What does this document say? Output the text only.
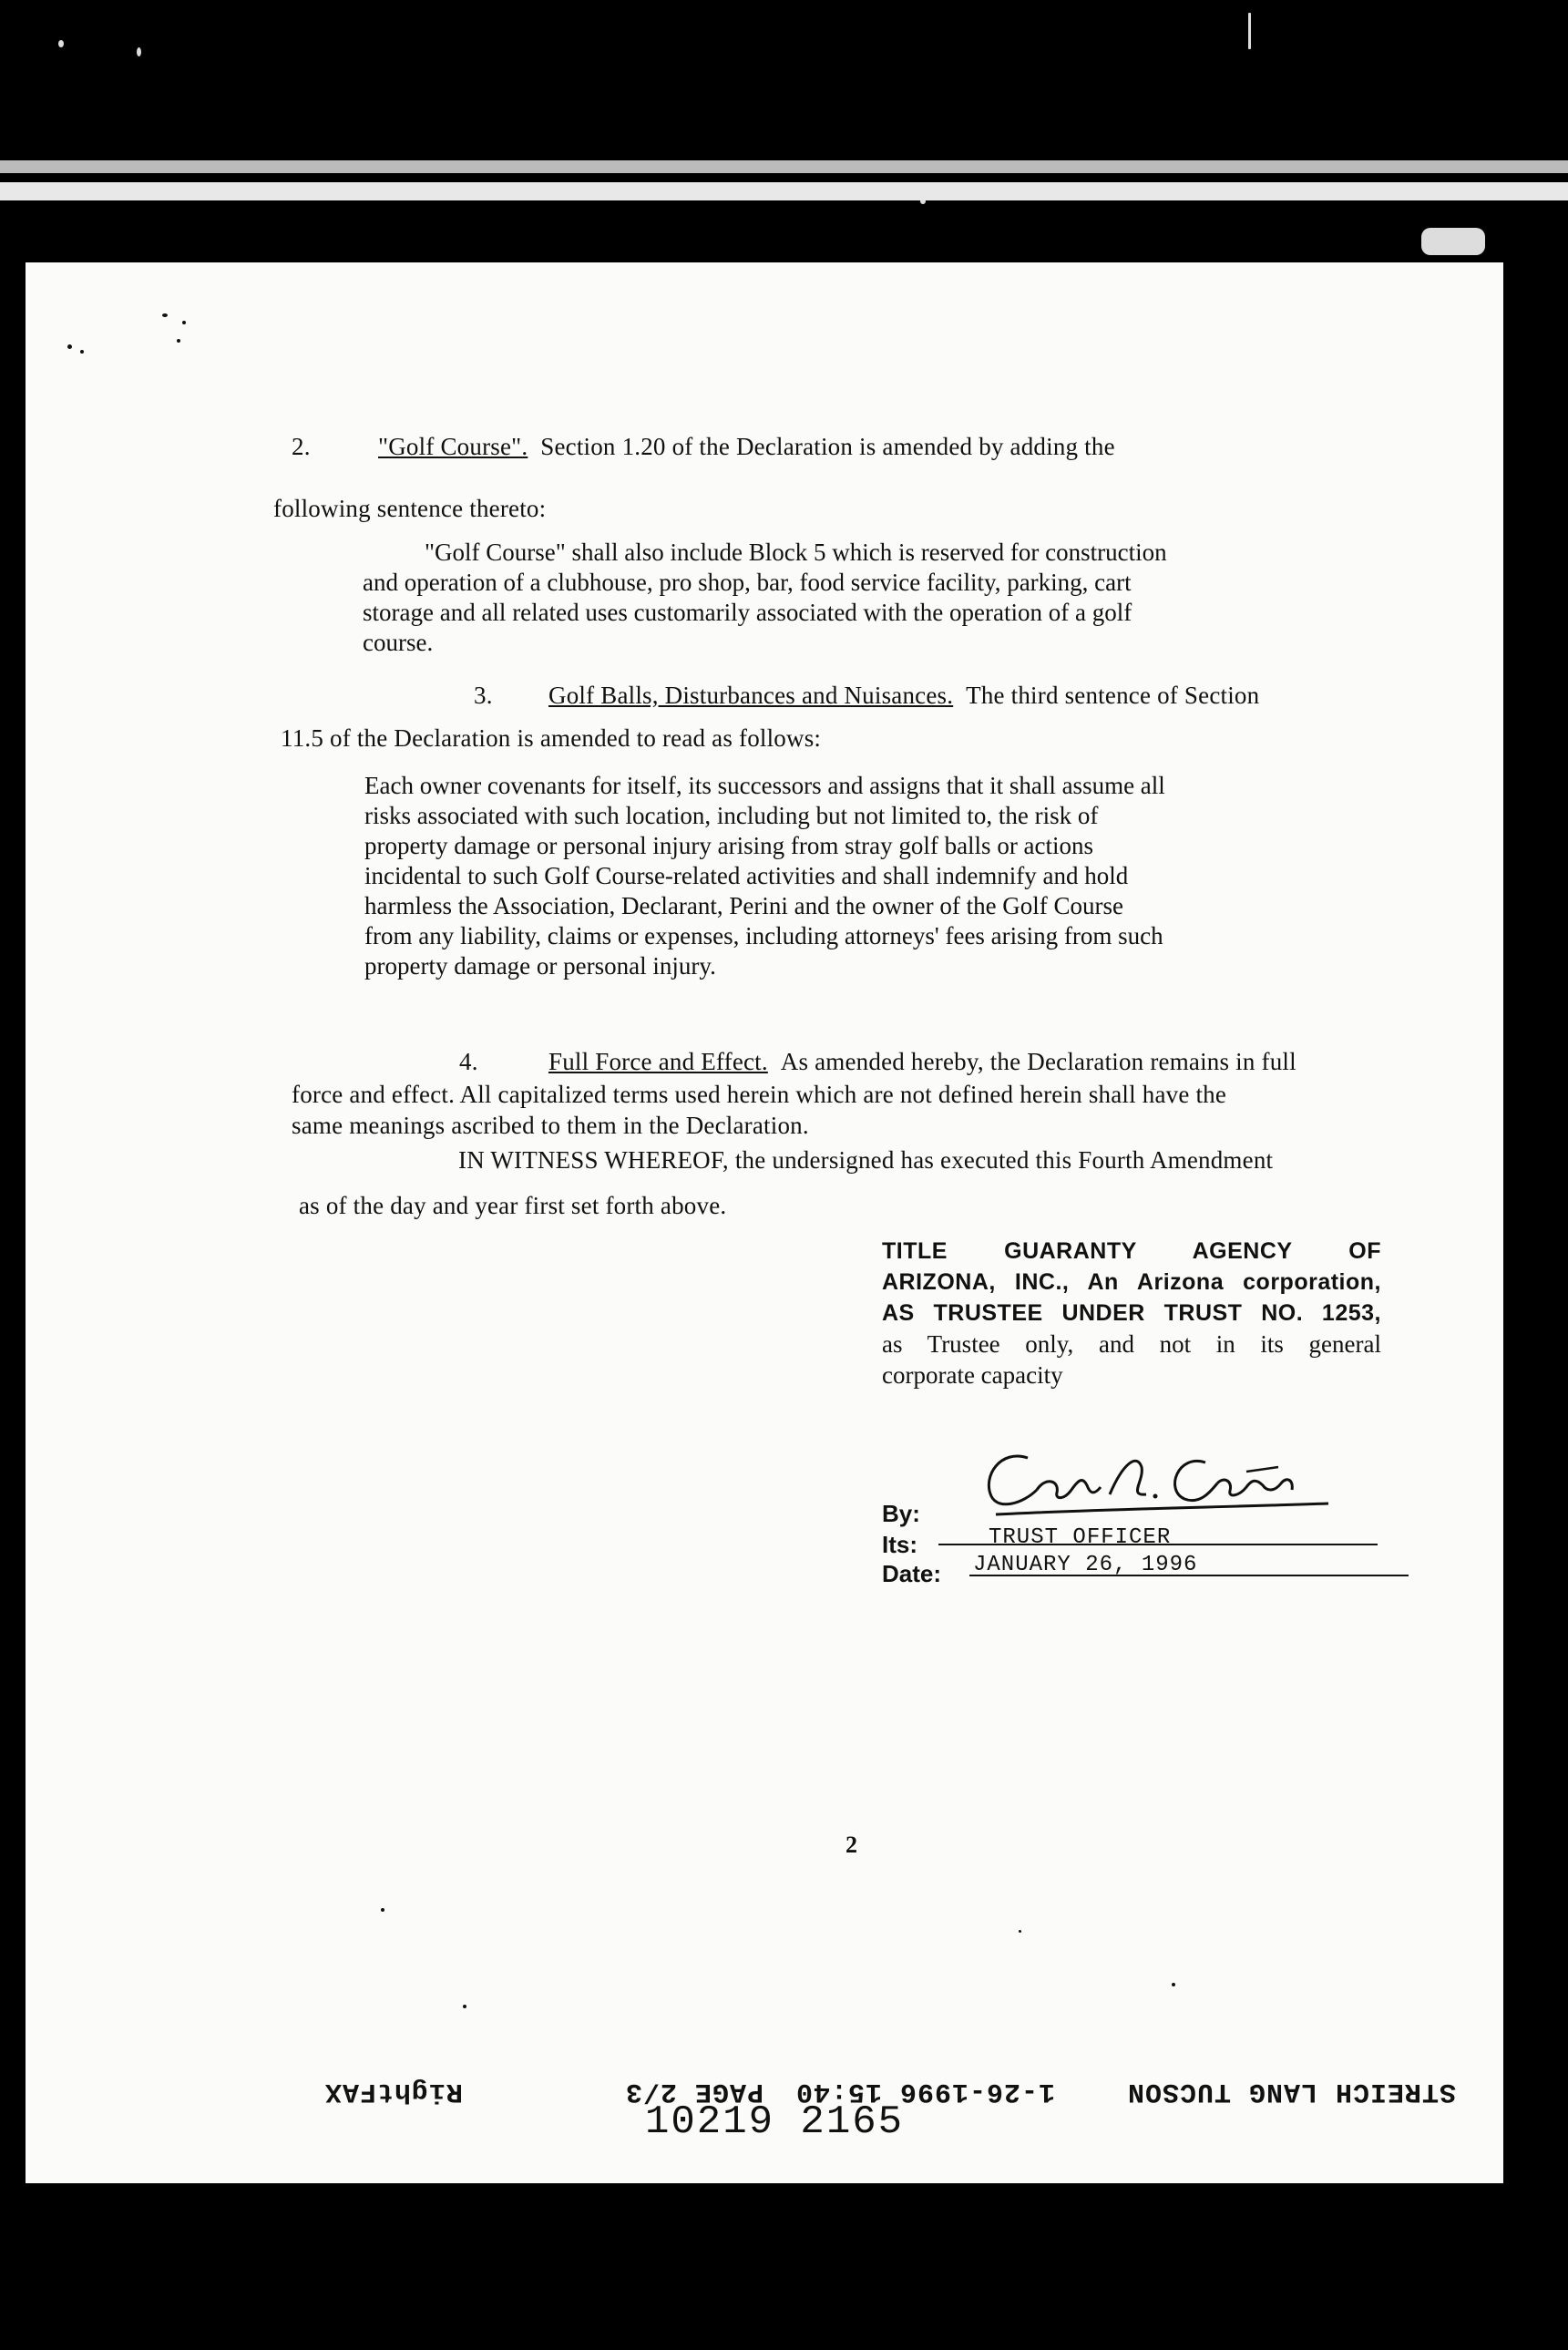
2.	"Golf Course". Section 1.20 of the Declaration is amended by adding the

following sentence thereto:

"Golf Course" shall also include Block 5 which is reserved for construction

and operation of a clubhouse, pro shop, bar, food service facility, parking, cart

storage and all related uses customarily associated with the operation of a golf

course.

3. Golf Balls, Disturbances and Nuisances. The third sentence of Section

11.5 of the Declaration is amended to read as follows:

Each owner covenants for itself, its successors and assigns that it shall assume all

risks associated with such location, including but not limited to, the risk of

property damage or personal injury arising from stray golf balls or actions

incidental to such Golf Course-related activities and shall indemnify and hold

harmless the Association, Declarant, Perini and the owner of the Golf Course

from any liability, claims or expenses, including attorneys' fees arising from such

property damage or personal injury.

4.	Full Force and Effect. As amended hereby, the Declaration remains in full

force and effect. All capitalized terms used herein which are not defined herein shall have the

same meanings ascribed to them in the Declaration.

IN WITNESS WHEREOF, the undersigned has executed this Fourth Amendment

as of the day and year first set forth above.

TITLE GUARANTY AGENCY OF
ARIZONA, INC., An Arizona corporation,
AS TRUSTEE UNDER TRUST NO. 1253,
as Trustee only, and not in its general
corporate capacity
By:
Its:	TRUST OFFICER
Date: JANUARY 26, 1996
2
STREICH LANG TUCSON
1-26-1996 15:40
PAGE 2/3
RightFAX
10219 2165
